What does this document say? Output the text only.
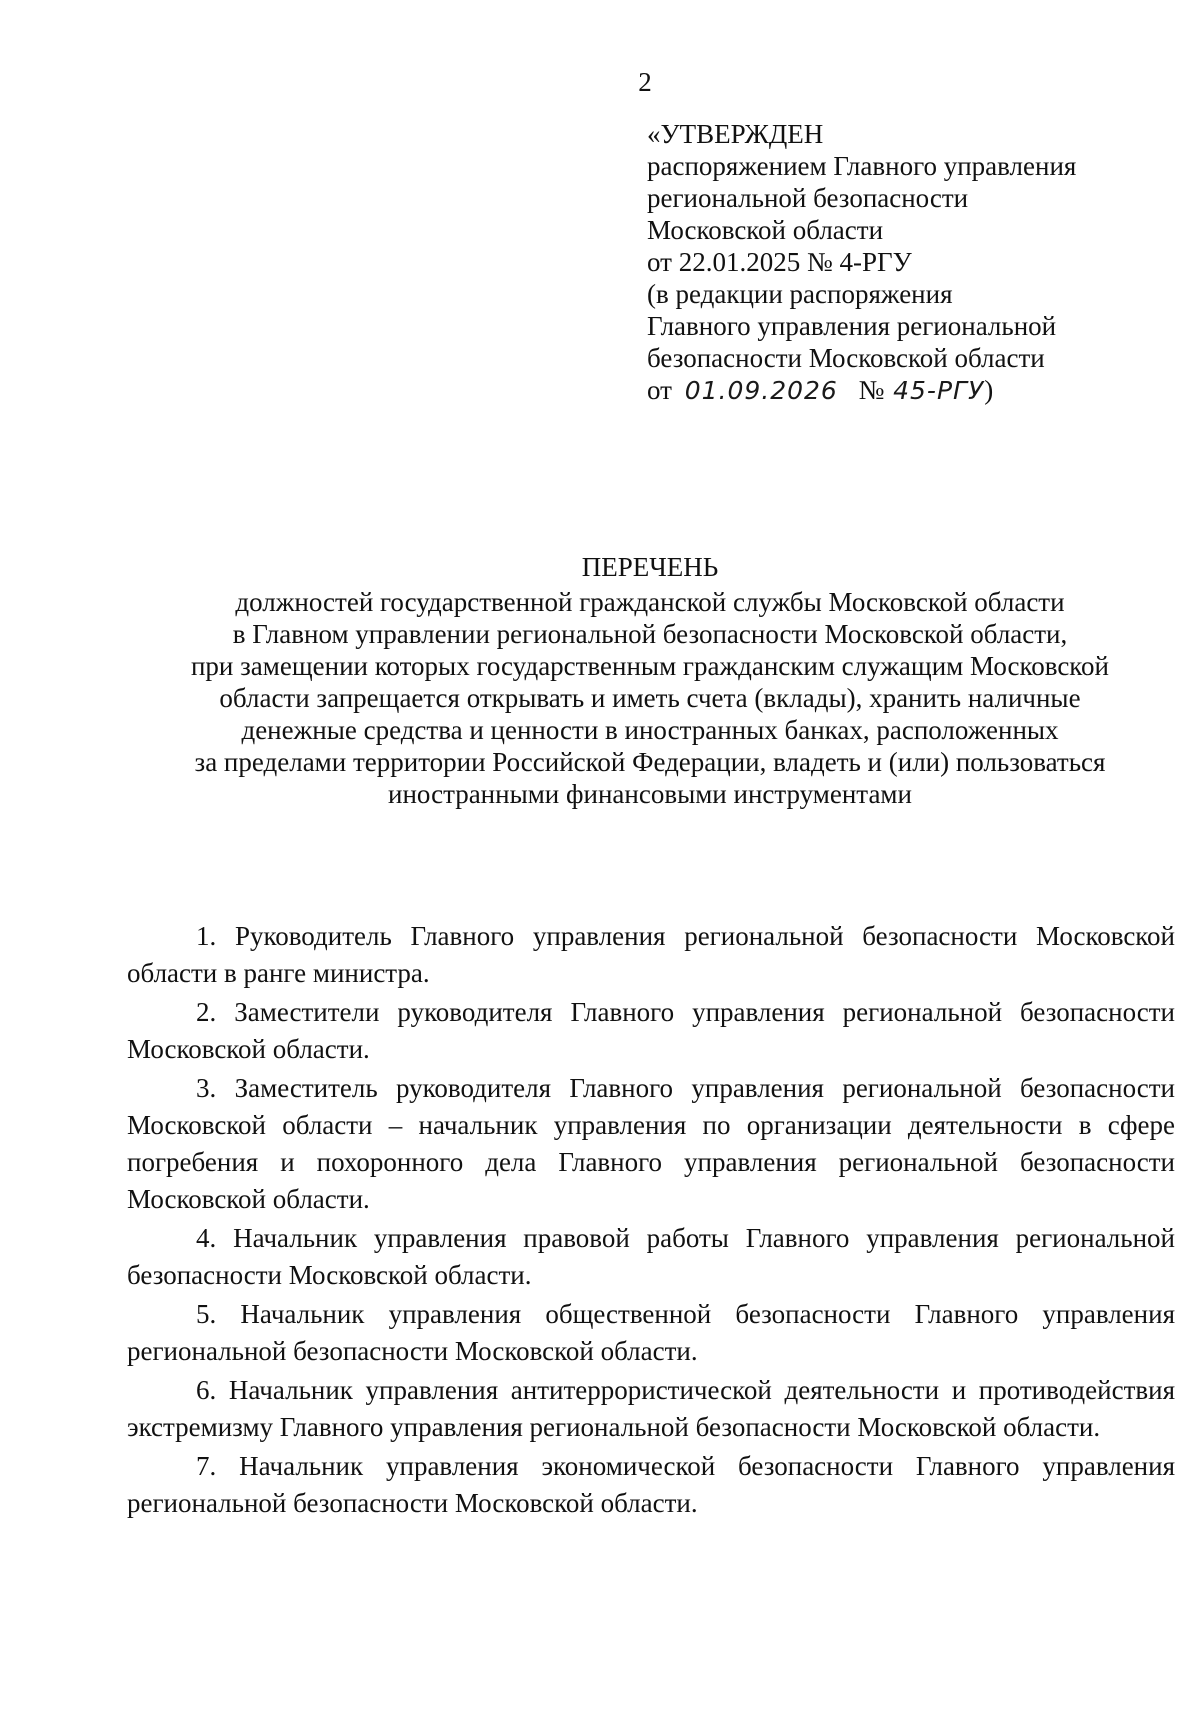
2
«УТВЕРЖДЕН
распоряжением Главного управления
региональной безопасности
Московской области
от 22.01.2025 № 4-РГУ
(в редакции распоряжения
Главного управления региональной
безопасности Московской области
от 01.09.2026 № 45-РГУ)
ПЕРЕЧЕНЬ
должностей государственной гражданской службы Московской области
в Главном управлении региональной безопасности Московской области,
при замещении которых государственным гражданским служащим Московской
области запрещается открывать и иметь счета (вклады), хранить наличные
денежные средства и ценности в иностранных банках, расположенных
за пределами территории Российской Федерации, владеть и (или) пользоваться
иностранными финансовыми инструментами

1. Руководитель Главного управления региональной безопасности Московской области в ранге министра.

2. Заместители руководителя Главного управления региональной безопасности Московской области.

3. Заместитель руководителя Главного управления региональной безопасности Московской области – начальник управления по организации деятельности в сфере погребения и похоронного дела Главного управления региональной безопасности Московской области.

4. Начальник управления правовой работы Главного управления региональной безопасности Московской области.

5. Начальник управления общественной безопасности Главного управления региональной безопасности Московской области.

6. Начальник управления антитеррористической деятельности и противодействия экстремизму Главного управления региональной безопасности Московской области.

7. Начальник управления экономической безопасности Главного управления региональной безопасности Московской области.
